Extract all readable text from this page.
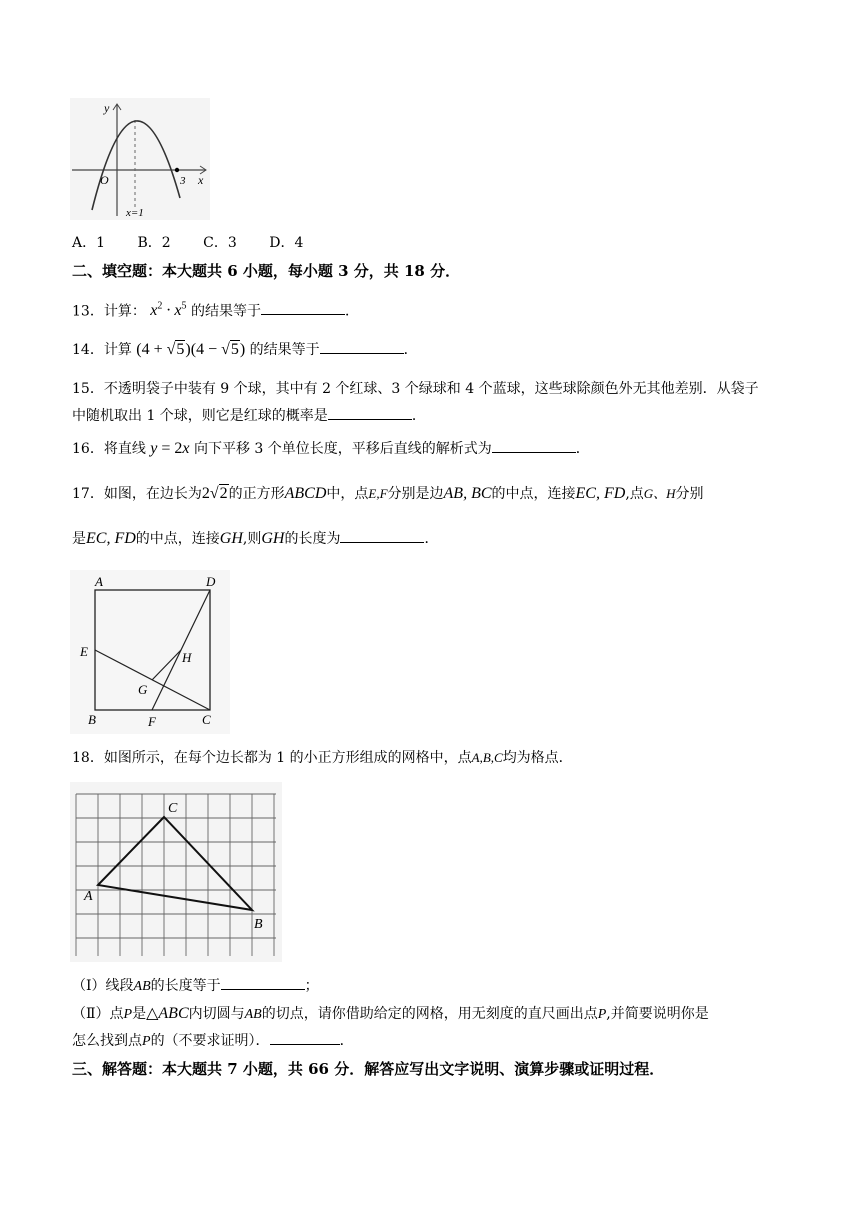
y
x
O	3
x=1
A．1 B．2 C．3 D．4
二、填空题：本大题共 6 小题，每小题 3 分，共 18 分．
13．计算： $x^2 \cdot x^5$ 的结果等于	．
14．计算 (4 + √5)(4 − √5) 的结果等于	．
15．不透明袋子中装有 9 个球，其中有 2 个红球、3 个绿球和 4 个蓝球，这些球除颜色外无其他差别．从袋子
中随机取出 1 个球，则它是红球的概率是	．
16．将直线 y = 2x 向下平移 3 个单位长度，平移后直线的解析式为	．
17．如图，在边长为2√2的正方形ABCD中，点E,F分别是边AB, BC的中点，连接EC, FD,点G、H分别
是EC, FD的中点，连接GH,则GH的长度为	．
A	D
E	H
G
B	F	C
18．如图所示，在每个边长都为 1 的小正方形组成的网格中，点A,B,C均为格点．
C
A
B
（Ⅰ）线段AB的长度等于	；
（Ⅱ）点P是△ABC内切圆与AB的切点，请你借助给定的网格，用无刻度的直尺画出点P,并简要说明你是
怎么找到点P的（不要求证明）．	．
三、解答题：本大题共 7 小题，共 66 分．解答应写出文字说明、演算步骤或证明过程．
